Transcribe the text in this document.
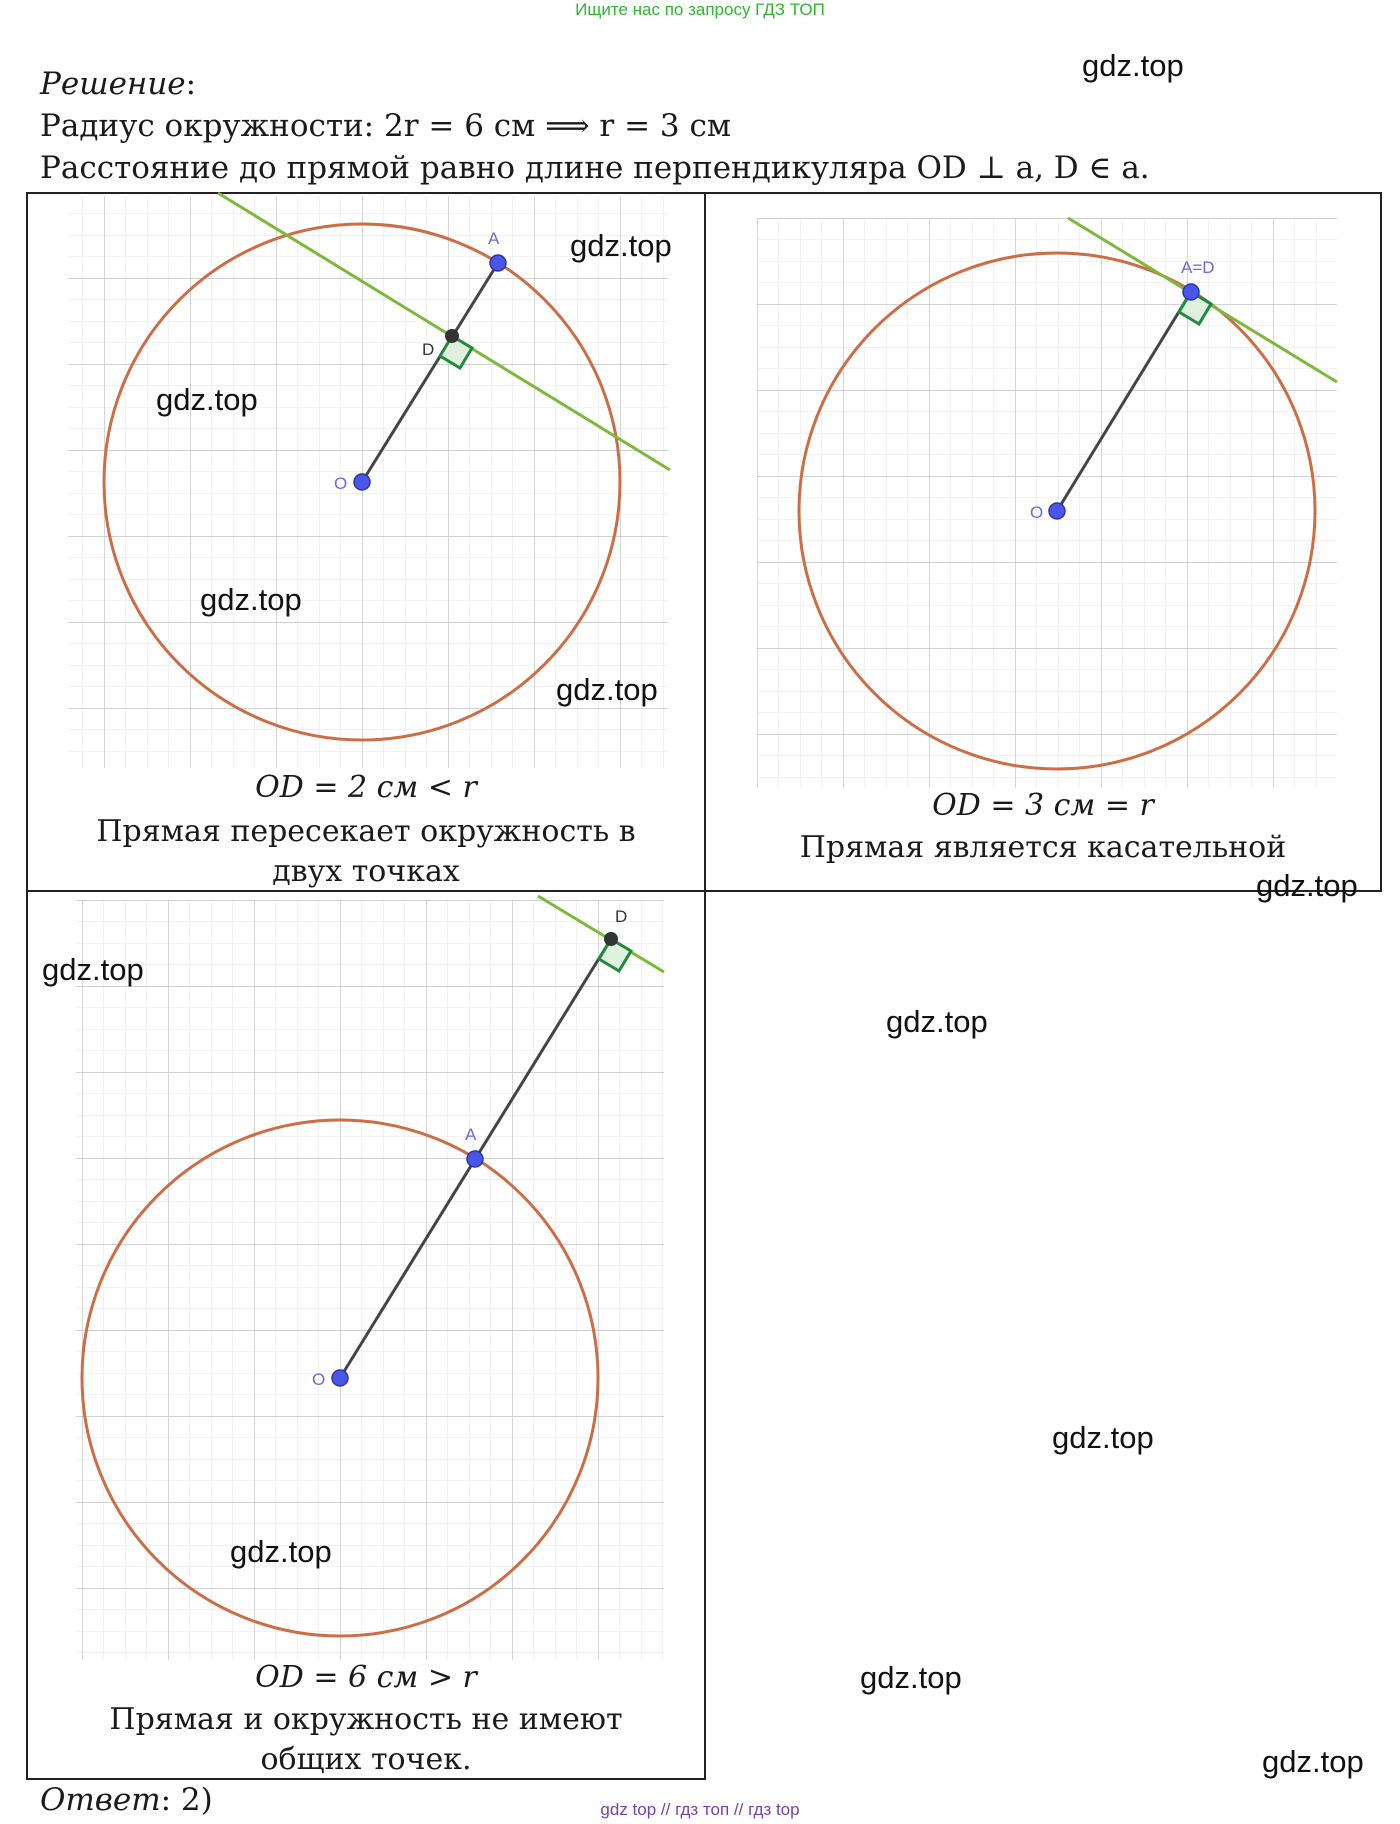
Ищите нас по запросу ГДЗ ТОП
Решение:
Радиус окружности: 2r = 6 см ⟹ r = 3 см
Расстояние до прямой равно длине перпендикуляра OD ⊥ a, D ∈ a.
A
D
O
A=D
O
D
A
O
OD = 2 см < r
Прямая пересекает окружность в двух точках
OD = 3 см = r
Прямая является касательной
OD = 6 см > r
Прямая и окружность не имеют общих точек.
Ответ: 2)
gdz.top
gdz.top
gdz.top
gdz.top
gdz.top
gdz.top
gdz.top
gdz.top
gdz.top
gdz.top
gdz.top
gdz.top
gdz top // гдз топ // гдз top
